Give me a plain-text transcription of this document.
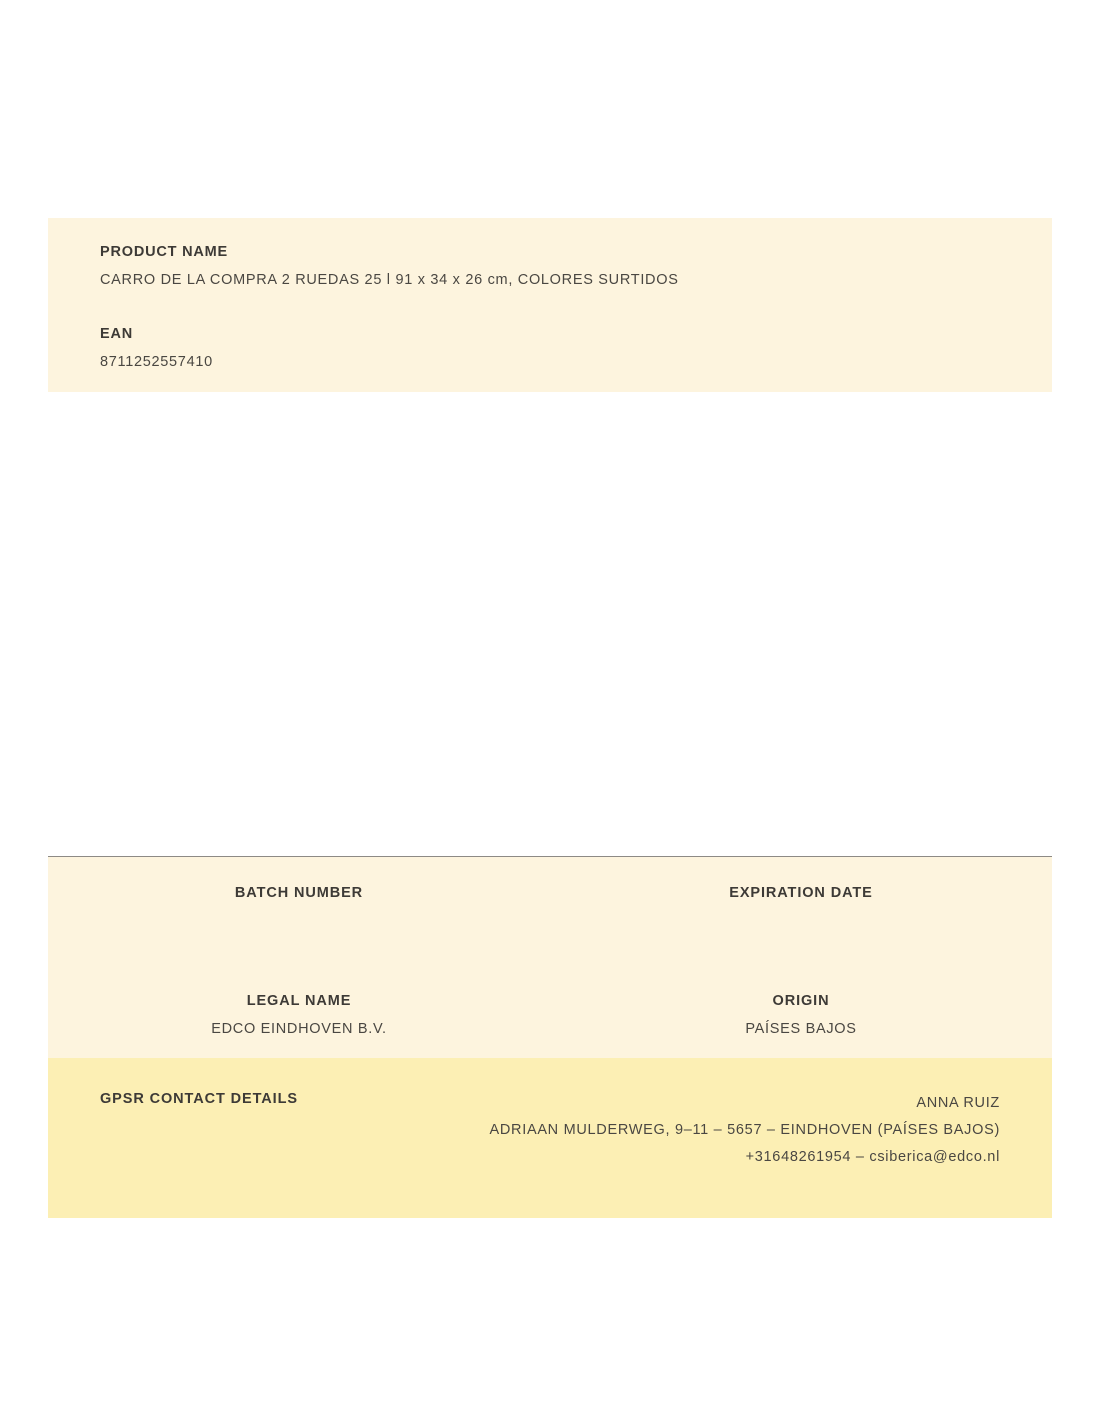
PRODUCT NAME
CARRO DE LA COMPRA 2 RUEDAS 25 l 91 x 34 x 26 cm, COLORES SURTIDOS
EAN
8711252557410
BATCH NUMBER	EXPIRATION DATE
LEGAL NAME
EDCO EINDHOVEN B.V.
ORIGIN
PAÍSES BAJOS
GPSR CONTACT DETAILS	ANNA RUIZ
ADRIAAN MULDERWEG, 9–11 – 5657 – EINDHOVEN (PAÍSES BAJOS)
+31648261954 – csiberica@edco.nl
